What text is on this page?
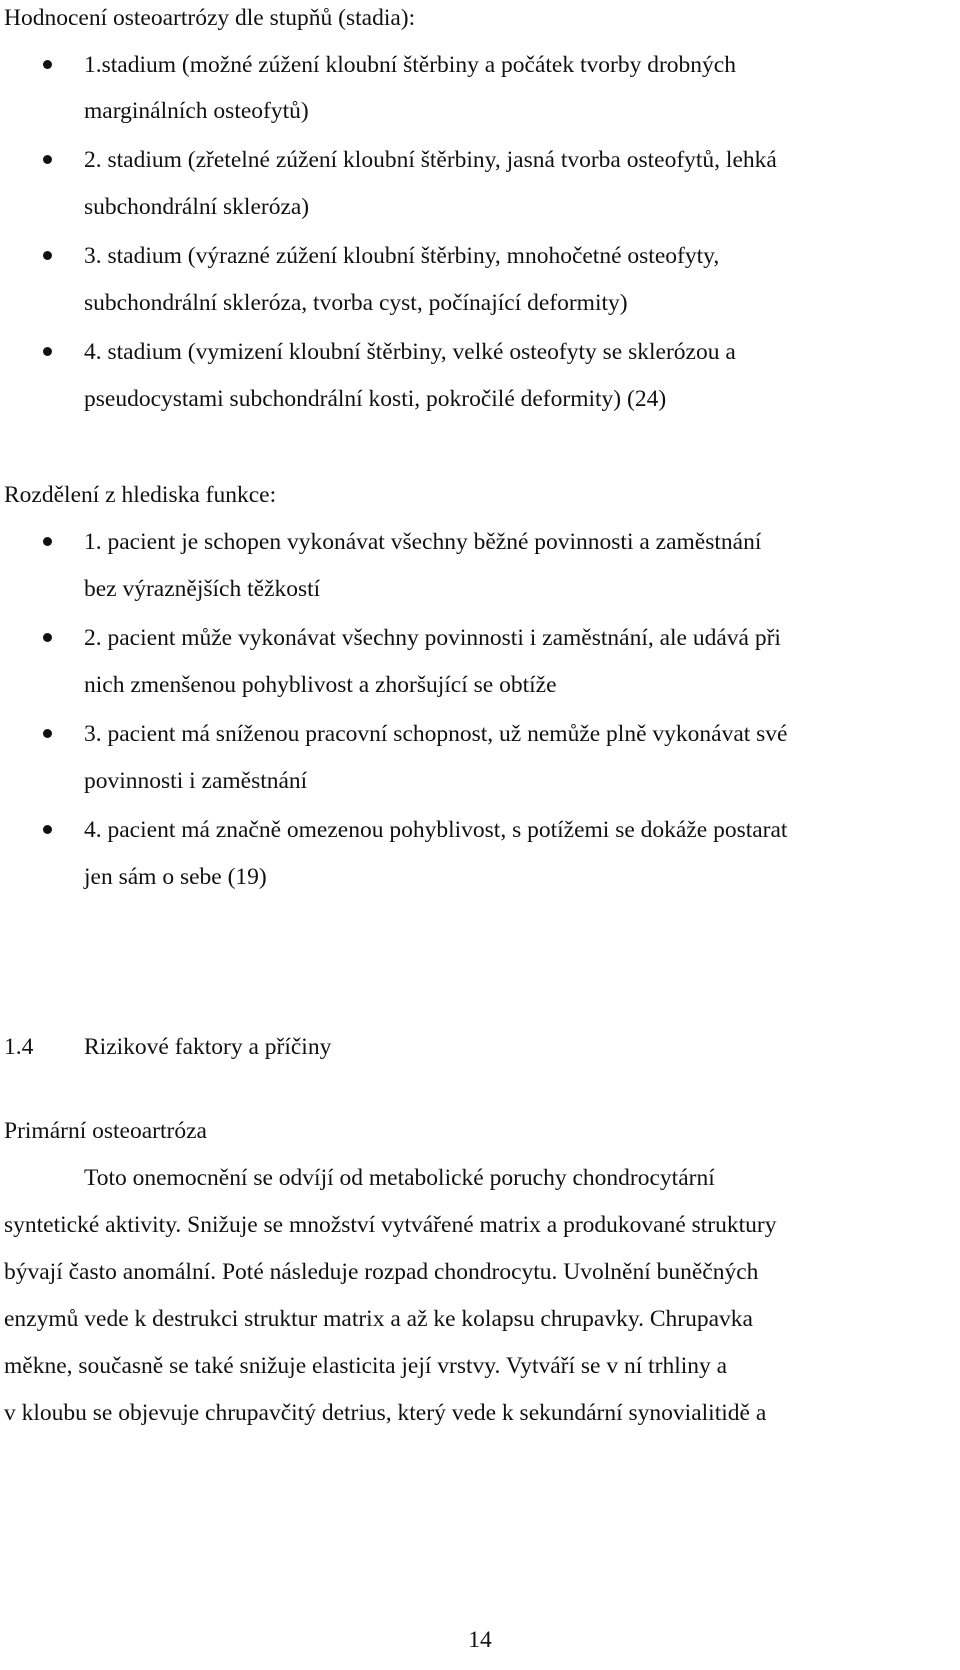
Hodnocení osteoartrózy dle stupňů (stadia):
1.stadium (možné zúžení kloubní štěrbiny a počátek tvorby drobných
marginálních osteofytů)
2. stadium (zřetelné zúžení kloubní štěrbiny, jasná tvorba osteofytů, lehká
subchondrální skleróza)
3. stadium (výrazné zúžení kloubní štěrbiny, mnohočetné osteofyty,
subchondrální skleróza, tvorba cyst, počínající deformity)
4. stadium (vymizení kloubní štěrbiny, velké osteofyty se sklerózou a
pseudocystami subchondrální kosti, pokročilé deformity) (24)
Rozdělení z hlediska funkce:
1. pacient je schopen vykonávat všechny běžné povinnosti a zaměstnání
bez výraznějších těžkostí
2. pacient může vykonávat všechny povinnosti i zaměstnání, ale udává při
nich zmenšenou pohyblivost a zhoršující se obtíže
3. pacient má sníženou pracovní schopnost, už nemůže plně vykonávat své
povinnosti i zaměstnání
4. pacient má značně omezenou pohyblivost, s potížemi se dokáže postarat
jen sám o sebe (19)
1.4 Rizikové faktory a příčiny
Primární osteoartróza
Toto onemocnění se odvíjí od metabolické poruchy chondrocytární
syntetické aktivity. Snižuje se množství vytvářené matrix a produkované struktury
bývají často anomální. Poté následuje rozpad chondrocytu. Uvolnění buněčných
enzymů vede k destrukci struktur matrix a až ke kolapsu chrupavky. Chrupavka
měkne, současně se také snižuje elasticita její vrstvy. Vytváří se v ní trhliny a
v kloubu se objevuje chrupavčitý detrius, který vede k sekundární synovialitidě a
14
